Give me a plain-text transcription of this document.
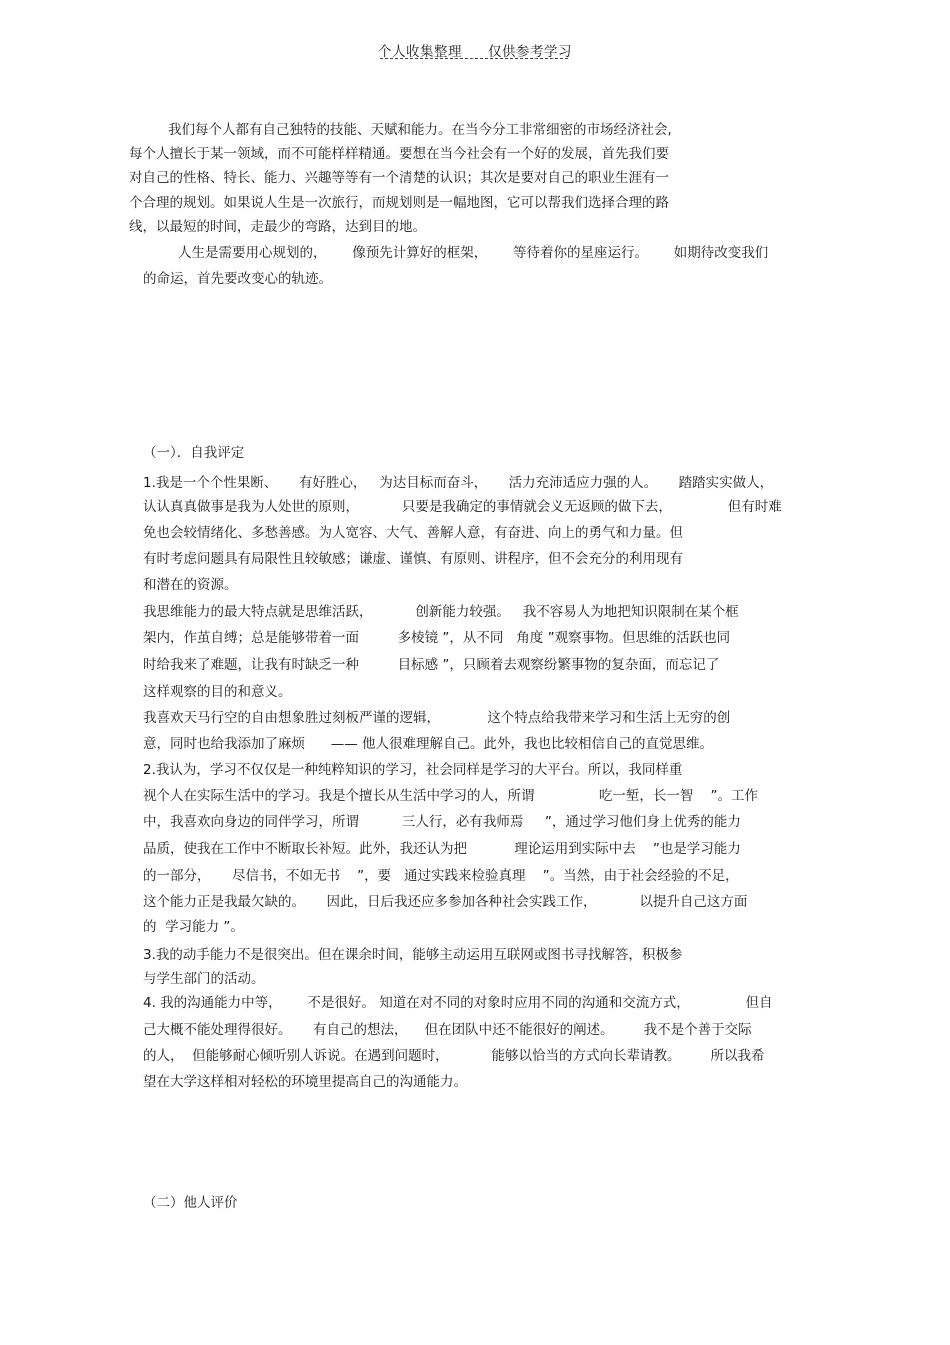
个人收集整理 仅供参考学习
我们每个人都有自己独特的技能、天赋和能力。在当今分工非常细密的市场经济社会,
每个人擅长于某一领域，而不可能样样精通。要想在当今社会有一个好的发展，首先我们要
对自己的性格、特长、能力、兴趣等等有一个清楚的认识；其次是要对自己的职业生涯有一
个合理的规划。如果说人生是一次旅行，而规划则是一幅地图，它可以帮我们选择合理的路
线，以最短的时间，走最少的弯路，达到目的地。
人生是需要用心规划的，      像预先计算好的框架，      等待着你的星座运行。      如期待改变我们
的命运，首先要改变心的轨迹。
（一）．自我评定
1.我是一个个性果断、     有好胜心，   为达目标而奋斗，     活力充沛适应力强的人。     踏踏实实做人，
认认真真做事是我为人处世的原则，          只要是我确定的事情就会义无返顾的做下去，             但有时难
免也会较情绪化、多愁善感。为人宽容、大气、善解人意，有奋进、向上的勇气和力量。但
有时考虑问题具有局限性且较敏感；谦虚、谨慎、有原则、讲程序，但不会充分的利用现有
和潜在的资源。
我思维能力的最大特点就是思维活跃，          创新能力较强。   我不容易人为地把知识限制在某个框
架内，作茧自缚；总是能够带着一面         多棱镜 ”，从不同   角度 ”观察事物。但思维的活跃也同
时给我来了难题，让我有时缺乏一种         目标感 ”，只顾着去观察纷繁事物的复杂面，而忘记了
这样观察的目的和意义。
我喜欢天马行空的自由想象胜过刻板严谨的逻辑，           这个特点给我带来学习和生活上无穷的创
意，同时也给我添加了麻烦      —— 他人很难理解自己。此外，我也比较相信自己的直觉思维。
2.我认为，学习不仅仅是一种纯粹知识的学习，社会同样是学习的大平台。所以，我同样重
视个人在实际生活中的学习。我是个擅长从生活中学习的人，所谓               吃一堑，长一智    ”。工作
中，我喜欢向身边的同伴学习，所谓          三人行，必有我师焉     ”，通过学习他们身上优秀的能力
品质，使我在工作中不断取长补短。此外，我还认为把           理论运用到实际中去    ”也是学习能力
的一部分，     尽信书，不如无书    ”，要   通过实践来检验真理    ”。当然，由于社会经验的不足，
这个能力正是我最欠缺的。     因此，日后我还应多参加各种社会实践工作，          以提升自己这方面
的  学习能力 ”。
3.我的动手能力不是很突出。但在课余时间，能够主动运用互联网或图书寻找解答，积极参
与学生部门的活动。
4. 我的沟通能力中等，      不是很好。 知道在对不同的对象时应用不同的沟通和交流方式，             但自
己大概不能处理得很好。     有自己的想法，    但在团队中还不能很好的阐述。       我不是个善于交际
的人，  但能够耐心倾听别人诉说。在遇到问题时，          能够以恰当的方式向长辈请教。       所以我希
望在大学这样相对轻松的环境里提高自己的沟通能力。
（二）他人评价
